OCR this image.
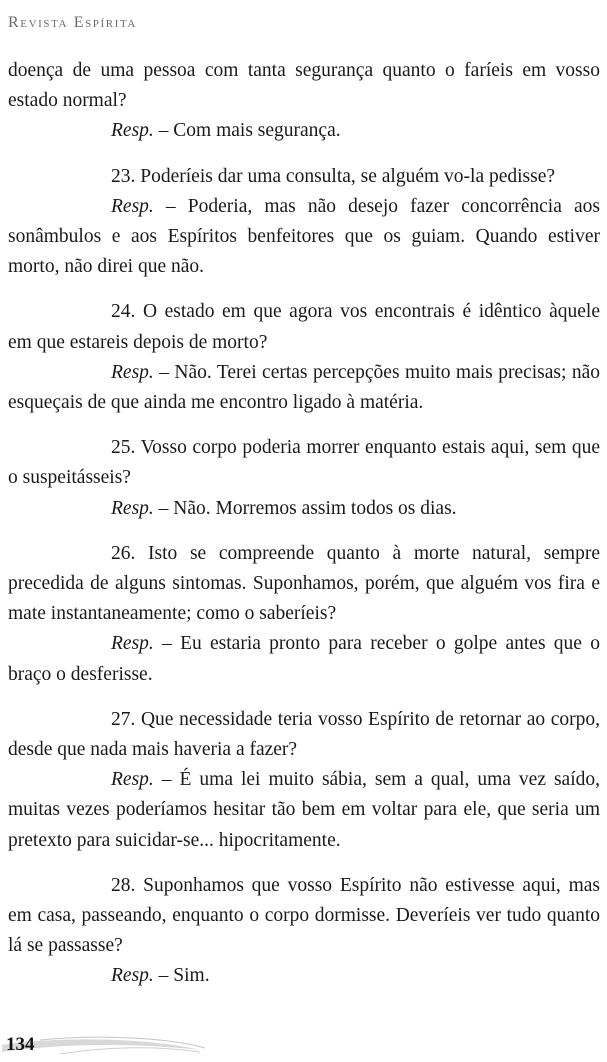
Revista Espírita

doença de uma pessoa com tanta segurança quanto o faríeis em vosso estado normal?

Resp. – Com mais segurança.

23. Poderíeis dar uma consulta, se alguém vo-la pedisse?

Resp. – Poderia, mas não desejo fazer concorrência aos sonâmbulos e aos Espíritos benfeitores que os guiam. Quando estiver morto, não direi que não.

24. O estado em que agora vos encontrais é idêntico àquele em que estareis depois de morto?

Resp. – Não. Terei certas percepções muito mais precisas; não esqueçais de que ainda me encontro ligado à matéria.

25. Vosso corpo poderia morrer enquanto estais aqui, sem que o suspeitásseis?

Resp. – Não. Morremos assim todos os dias.

26. Isto se compreende quanto à morte natural, sempre precedida de alguns sintomas. Suponhamos, porém, que alguém vos fira e mate instantaneamente; como o saberíeis?

Resp. – Eu estaria pronto para receber o golpe antes que o braço o desferisse.

27. Que necessidade teria vosso Espírito de retornar ao corpo, desde que nada mais haveria a fazer?

Resp. – É uma lei muito sábia, sem a qual, uma vez saído, muitas vezes poderíamos hesitar tão bem em voltar para ele, que seria um pretexto para suicidar-se... hipocritamente.

28. Suponhamos que vosso Espírito não estivesse aqui, mas em casa, passeando, enquanto o corpo dormisse. Deveríeis ver tudo quanto lá se passasse?

Resp. – Sim.

134
